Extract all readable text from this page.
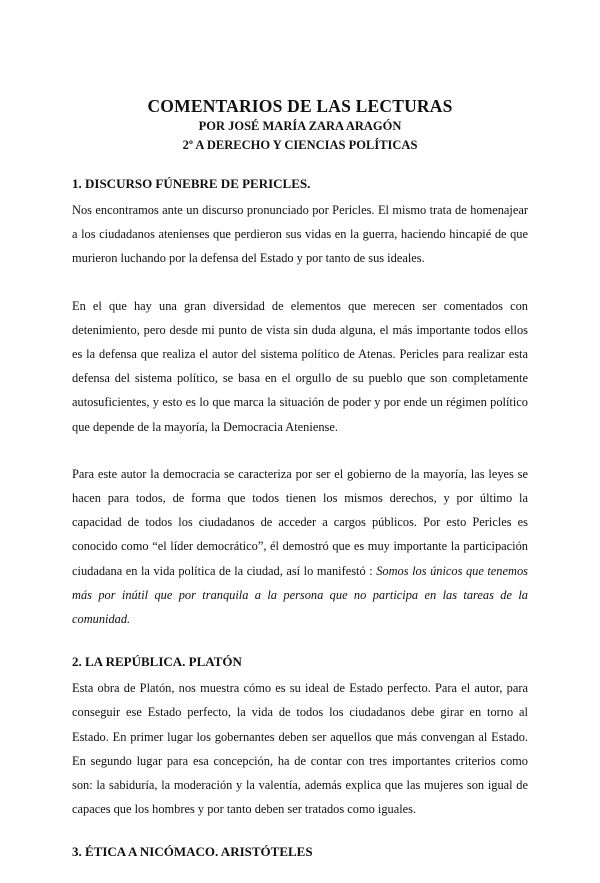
COMENTARIOS DE LAS LECTURAS
POR JOSÉ MARÍA ZARA ARAGÓN
2º A DERECHO Y CIENCIAS POLÍTICAS
1. DISCURSO FÚNEBRE DE PERICLES.

Nos encontramos ante un discurso pronunciado por Pericles. El mismo trata de homenajear a los ciudadanos atenienses que perdieron sus vidas en la guerra, haciendo hincapié de que murieron luchando por la defensa del Estado y por tanto de sus ideales.

En el que hay una gran diversidad de elementos que merecen ser comentados con detenimiento, pero desde mi punto de vista sin duda alguna, el más importante todos ellos es la defensa que realiza el autor del sistema político de Atenas. Pericles para realizar esta defensa del sistema político, se basa en el orgullo de su pueblo que son completamente autosuficientes, y esto es lo que marca la situación de poder y por ende un régimen político que depende de la mayoría, la Democracia Ateniense.

Para este autor la democracia se caracteriza por ser el gobierno de la mayoría, las leyes se hacen para todos, de forma que todos tienen los mismos derechos, y por último la capacidad de todos los ciudadanos de acceder a cargos públicos. Por esto Pericles es conocido como “el líder democrático”, él demostró que es muy importante la participación ciudadana en la vida política de la ciudad, así lo manifestó : Somos los únicos que tenemos más por inútil que por tranquila a la persona que no participa en las tareas de la comunidad.

2. LA REPÚBLICA. PLATÓN

Esta obra de Platón, nos muestra cómo es su ideal de Estado perfecto. Para el autor, para conseguir ese Estado perfecto, la vida de todos los ciudadanos debe girar en torno al Estado. En primer lugar los gobernantes deben ser aquellos que más convengan al Estado. En segundo lugar para esa concepción, ha de contar con tres importantes criterios como son: la sabiduría, la moderación y la valentía, además explica que las mujeres son igual de capaces que los hombres y por tanto deben ser tratados como iguales.

3. ÉTICA A NICÓMACO. ARISTÓTELES
